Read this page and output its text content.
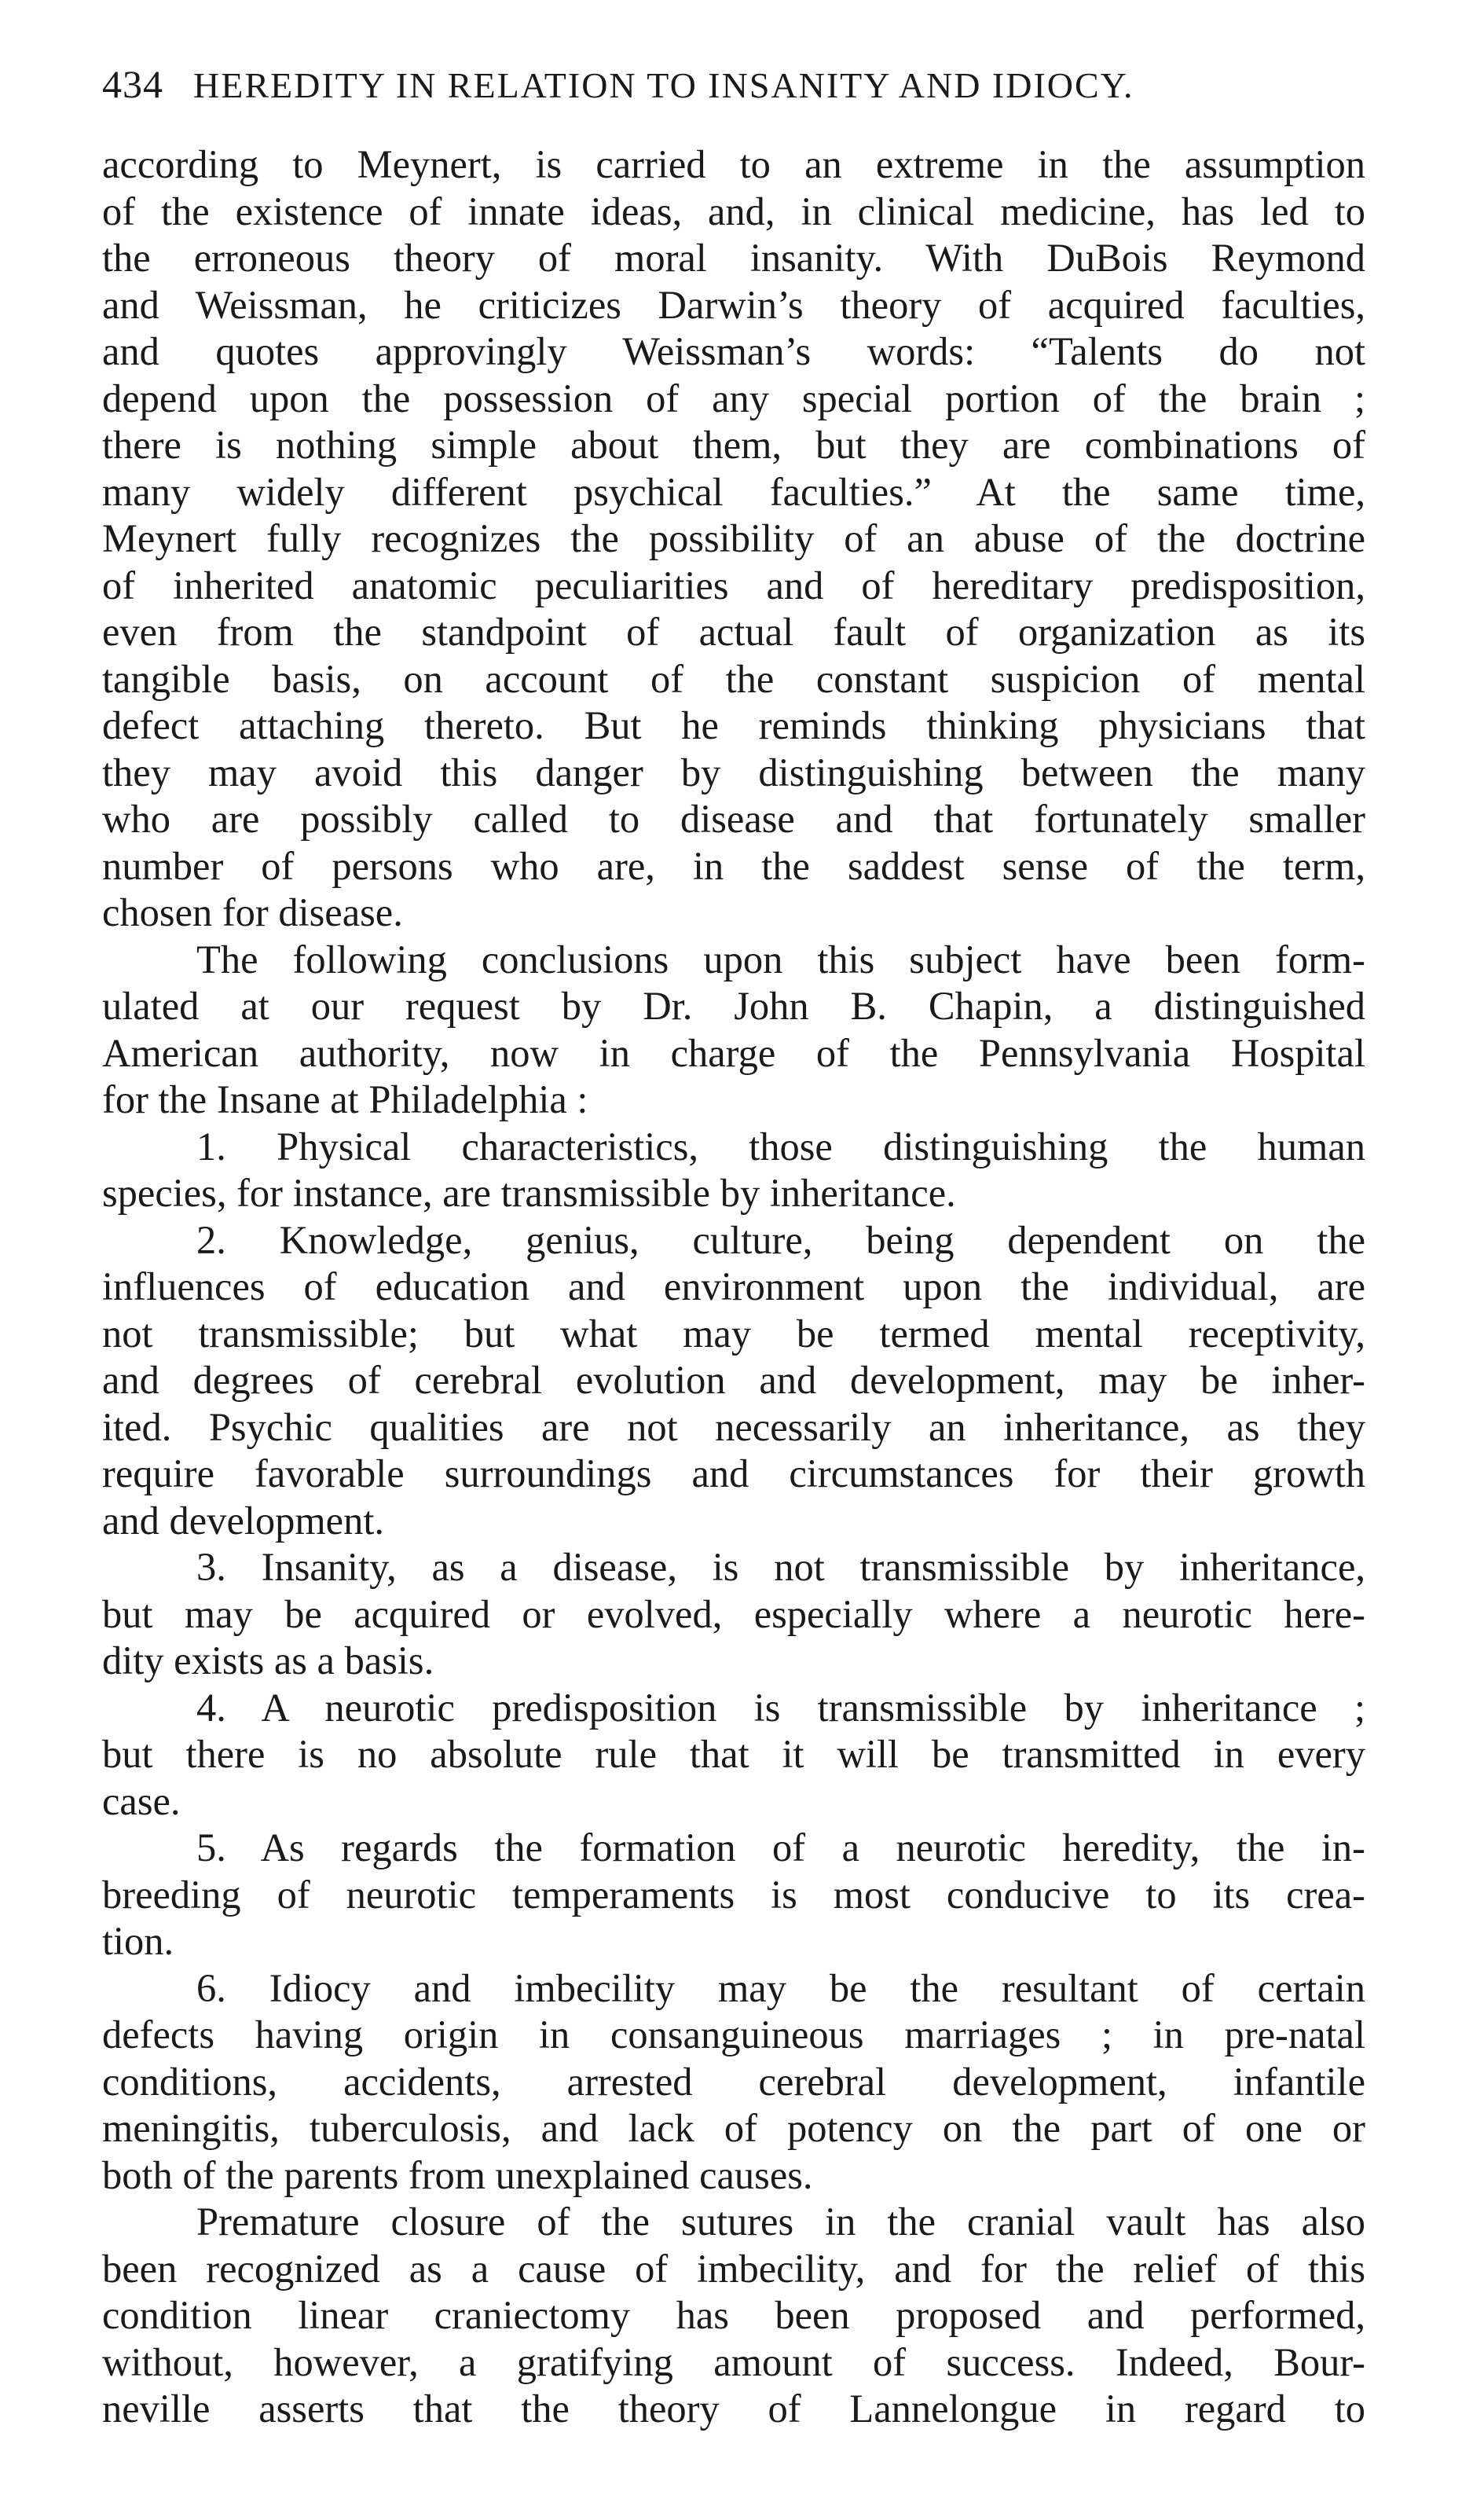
434 HEREDITY IN RELATION TO INSANITY AND IDIOCY.
according to Meynert, is carried to an extreme in the assumption
of the existence of innate ideas, and, in clinical medicine, has led to
the erroneous theory of moral insanity. With DuBois Reymond
and Weissman, he criticizes Darwin’s theory of acquired faculties,
and quotes approvingly Weissman’s words: “Talents do not
depend upon the possession of any special portion of the brain ;
there is nothing simple about them, but they are combinations of
many widely different psychical faculties.” At the same time,
Meynert fully recognizes the possibility of an abuse of the doctrine
of inherited anatomic peculiarities and of hereditary predisposition,
even from the standpoint of actual fault of organization as its
tangible basis, on account of the constant suspicion of mental
defect attaching thereto. But he reminds thinking physicians that
they may avoid this danger by distinguishing between the many
who are possibly called to disease and that fortunately smaller
number of persons who are, in the saddest sense of the term,
chosen for disease.
The following conclusions upon this subject have been form-
ulated at our request by Dr. John B. Chapin, a distinguished
American authority, now in charge of the Pennsylvania Hospital
for the Insane at Philadelphia :
1. Physical characteristics, those distinguishing the human
species, for instance, are transmissible by inheritance.
2. Knowledge, genius, culture, being dependent on the
influences of education and environment upon the individual, are
not transmissible; but what may be termed mental receptivity,
and degrees of cerebral evolution and development, may be inher-
ited. Psychic qualities are not necessarily an inheritance, as they
require favorable surroundings and circumstances for their growth
and development.
3. Insanity, as a disease, is not transmissible by inheritance,
but may be acquired or evolved, especially where a neurotic here-
dity exists as a basis.
4. A neurotic predisposition is transmissible by inheritance ;
but there is no absolute rule that it will be transmitted in every
case.
5. As regards the formation of a neurotic heredity, the in-
breeding of neurotic temperaments is most conducive to its crea-
tion.
6. Idiocy and imbecility may be the resultant of certain
defects having origin in consanguineous marriages ; in pre-natal
conditions, accidents, arrested cerebral development, infantile
meningitis, tuberculosis, and lack of potency on the part of one or
both of the parents from unexplained causes.
Premature closure of the sutures in the cranial vault has also
been recognized as a cause of imbecility, and for the relief of this
condition linear craniectomy has been proposed and performed,
without, however, a gratifying amount of success. Indeed, Bour-
neville asserts that the theory of Lannelongue in regard to
